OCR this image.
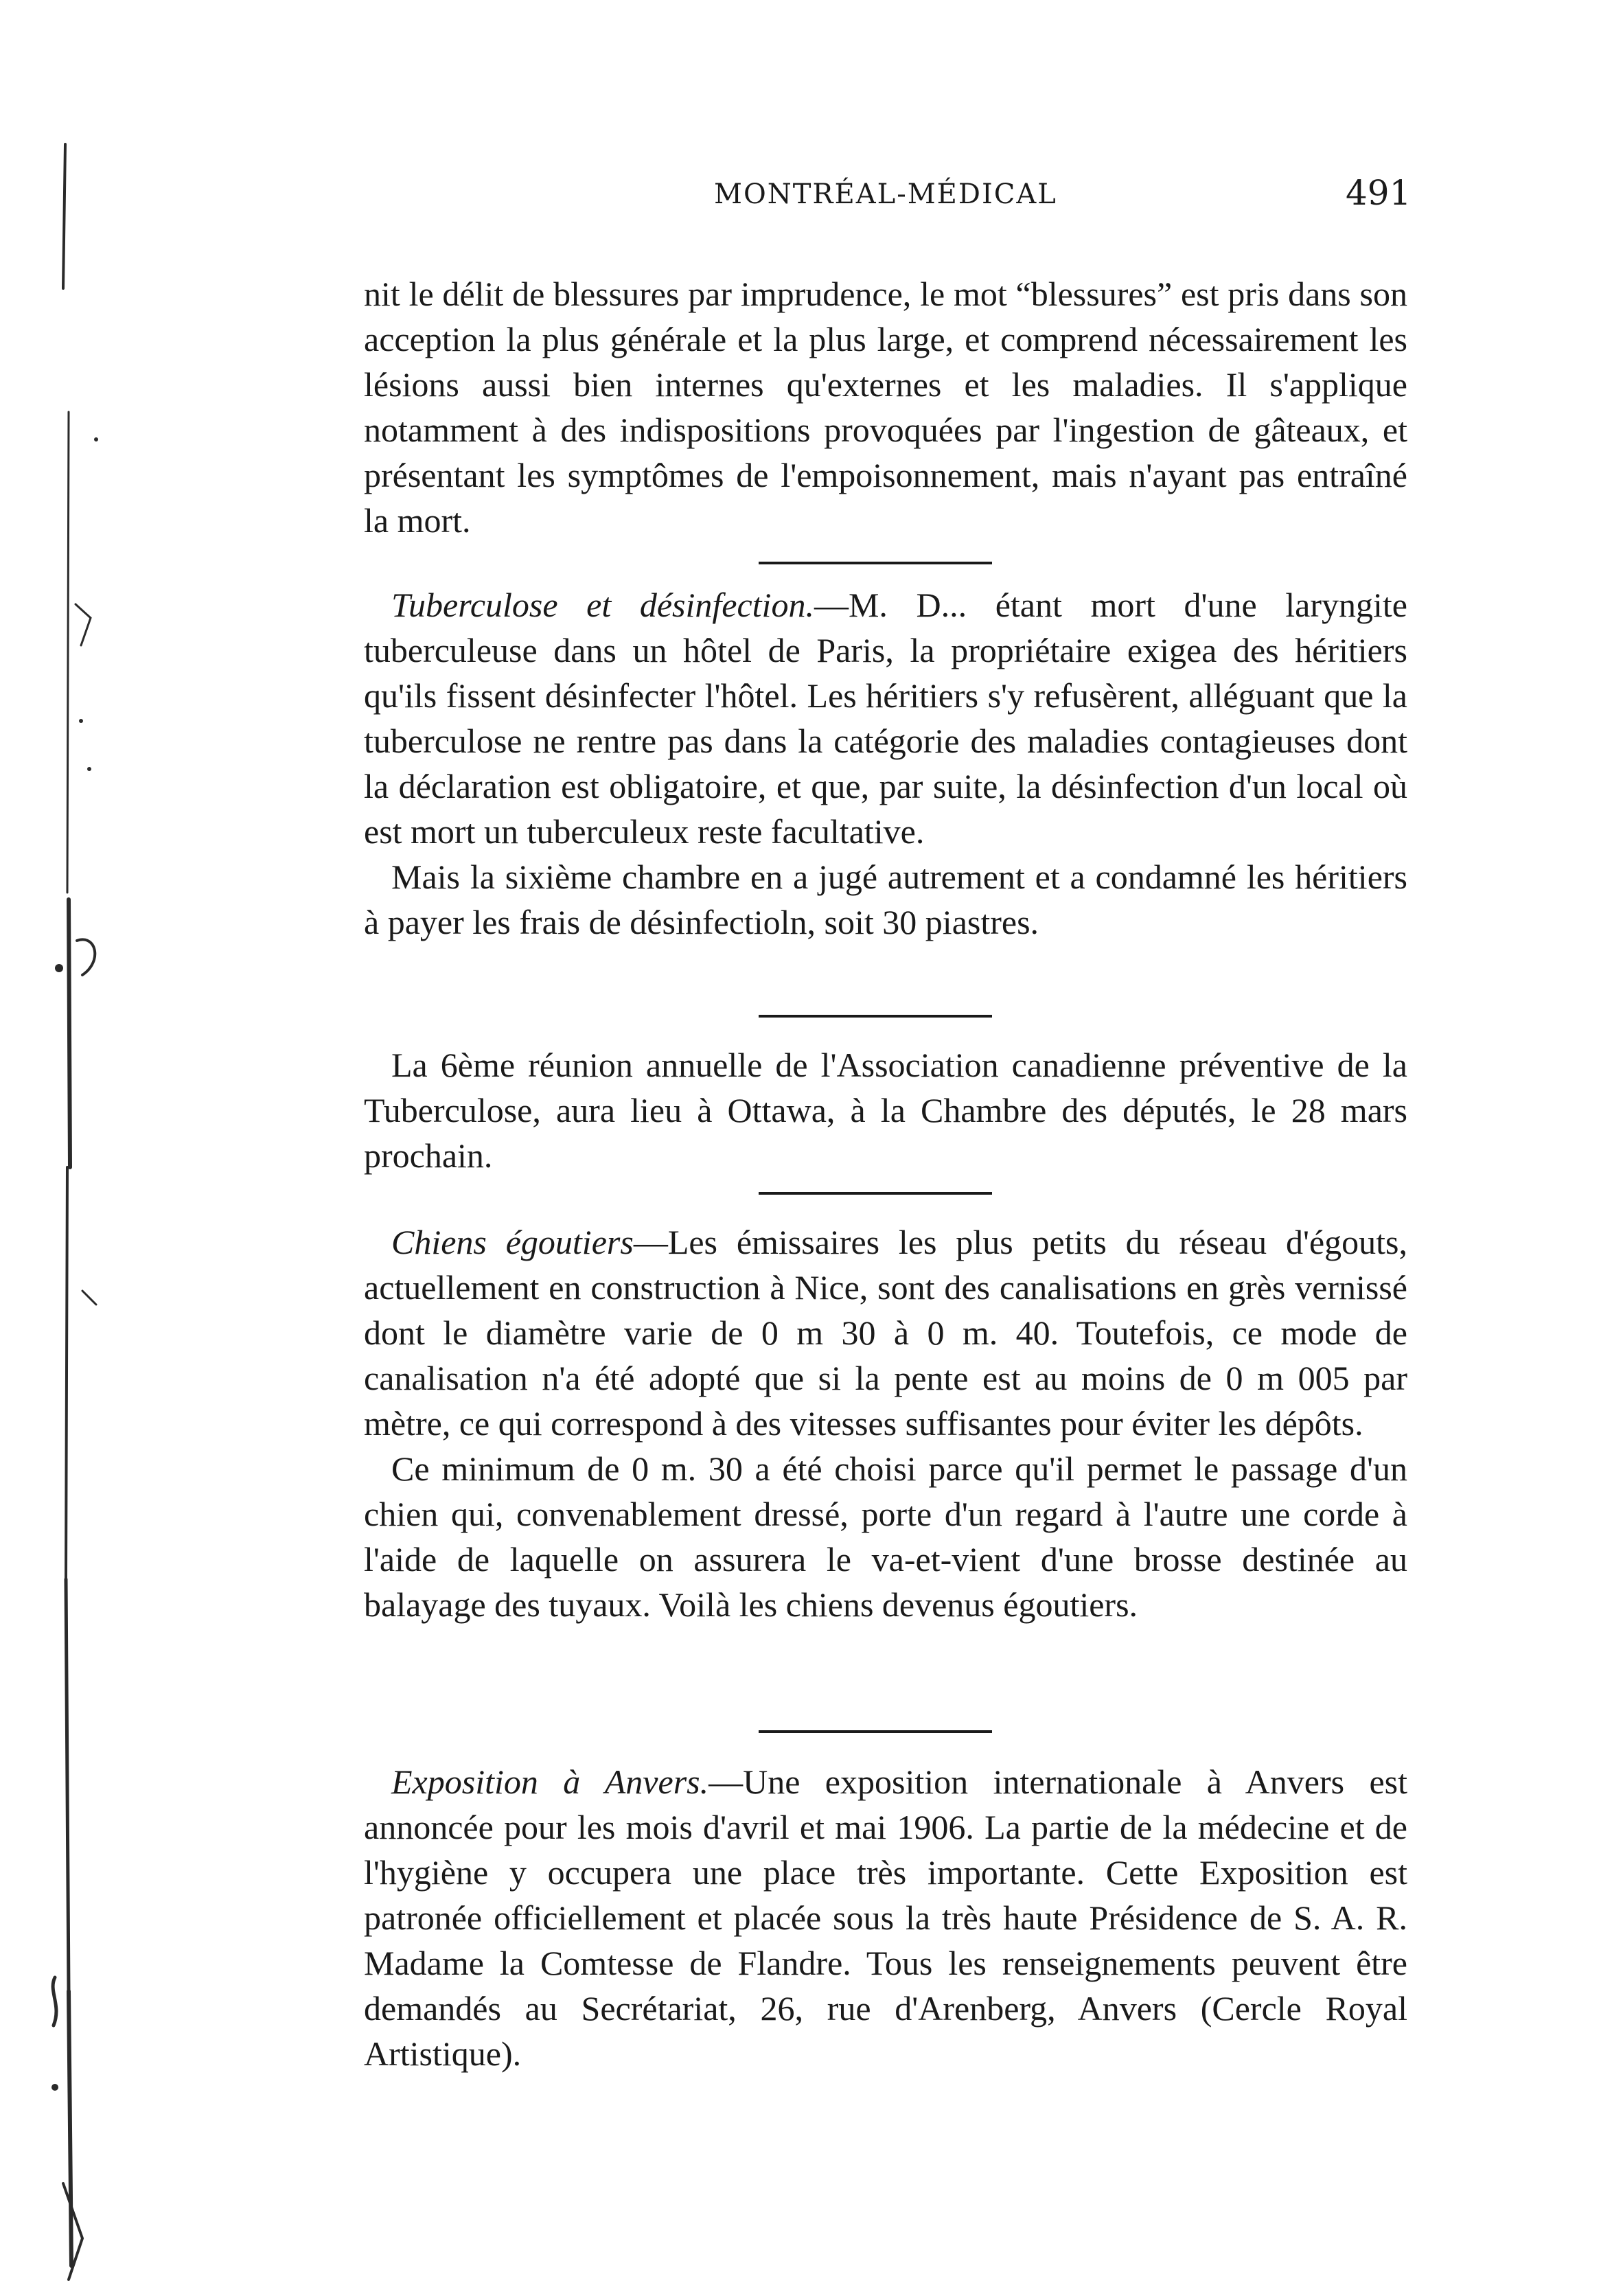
MONTRÉAL-MÉDICAL	491

nit le délit de blessures par imprudence, le mot “blessures” est pris dans son acception la plus générale et la plus large, et comprend nécessairement les lésions aussi bien internes qu'externes et les maladies. Il s'applique notamment à des indispositions provoquées par l'ingestion de gâteaux, et présentant les symptômes de l'empoisonnement, mais n'ayant pas entraîné la mort.

Tuberculose et désinfection.—M. D... étant mort d'une laryngite tuberculeuse dans un hôtel de Paris, la propriétaire exigea des héritiers qu'ils fissent désinfecter l'hôtel. Les héritiers s'y refusèrent, alléguant que la tuberculose ne rentre pas dans la catégorie des maladies contagieuses dont la déclaration est obligatoire, et que, par suite, la désinfection d'un local où est mort un tuberculeux reste facultative.

Mais la sixième chambre en a jugé autrement et a condamné les héritiers à payer les frais de désinfectioln, soit 30 piastres.

La 6ème réunion annuelle de l'Association canadienne préventive de la Tuberculose, aura lieu à Ottawa, à la Chambre des députés, le 28 mars prochain.

Chiens égoutiers—Les émissaires les plus petits du réseau d'égouts, actuellement en construction à Nice, sont des canalisations en grès vernissé dont le diamètre varie de 0 m 30 à 0 m. 40. Toutefois, ce mode de canalisation n'a été adopté que si la pente est au moins de 0 m 005 par mètre, ce qui correspond à des vitesses suffisantes pour éviter les dépôts.

Ce minimum de 0 m. 30 a été choisi parce qu'il permet le passage d'un chien qui, convenablement dressé, porte d'un regard à l'autre une corde à l'aide de laquelle on assurera le va-et-vient d'une brosse destinée au balayage des tuyaux. Voilà les chiens devenus égoutiers.

Exposition à Anvers.—Une exposition internationale à Anvers est annoncée pour les mois d'avril et mai 1906. La partie de la médecine et de l'hygiène y occupera une place très importante. Cette Exposition est patronée officiellement et placée sous la très haute Présidence de S. A. R. Madame la Comtesse de Flandre. Tous les renseignements peuvent être demandés au Secrétariat, 26, rue d'Arenberg, Anvers (Cercle Royal Artistique).
